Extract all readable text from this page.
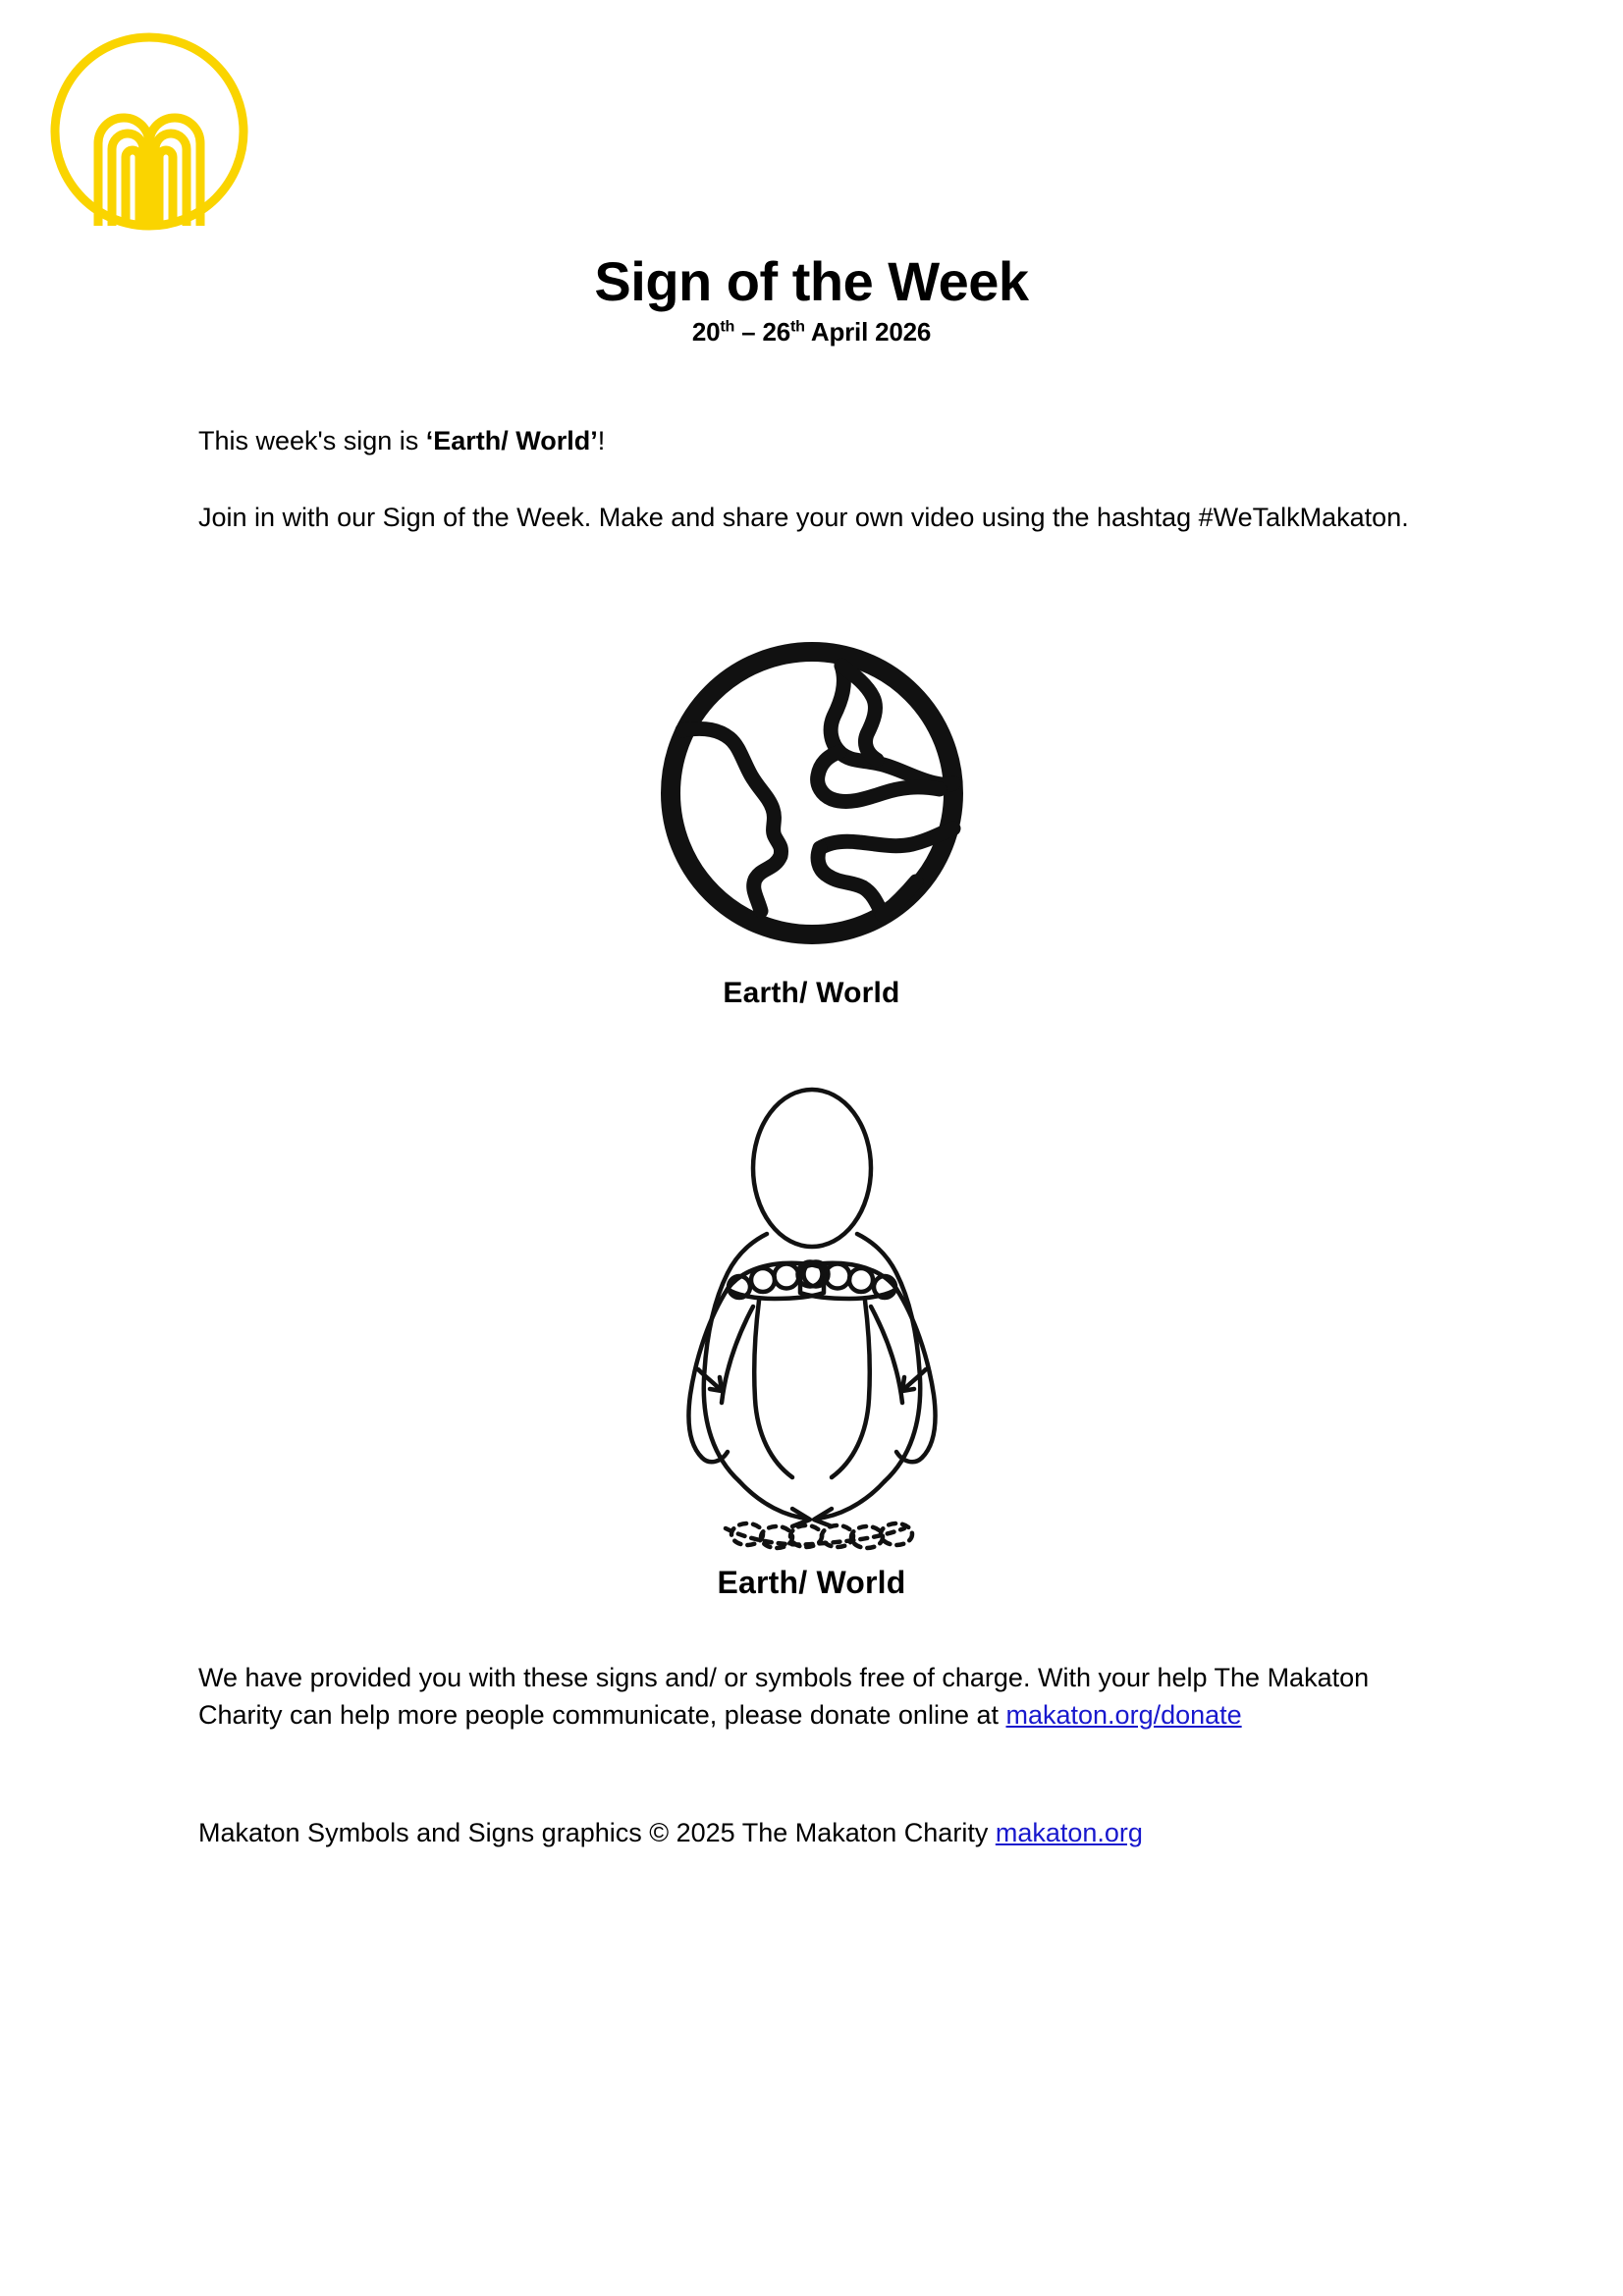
Sign of the Week
20th – 26th April 2026
This week's sign is ‘Earth/ World’!
Join in with our Sign of the Week. Make and share your own video using the hashtag #WeTalkMakaton.
Earth/ World
Earth/ World
We have provided you with these signs and/ or symbols free of charge. With your help The Makaton Charity can help more people communicate, please donate online at makaton.org/donate
Makaton Symbols and Signs graphics © 2025 The Makaton Charity makaton.org
